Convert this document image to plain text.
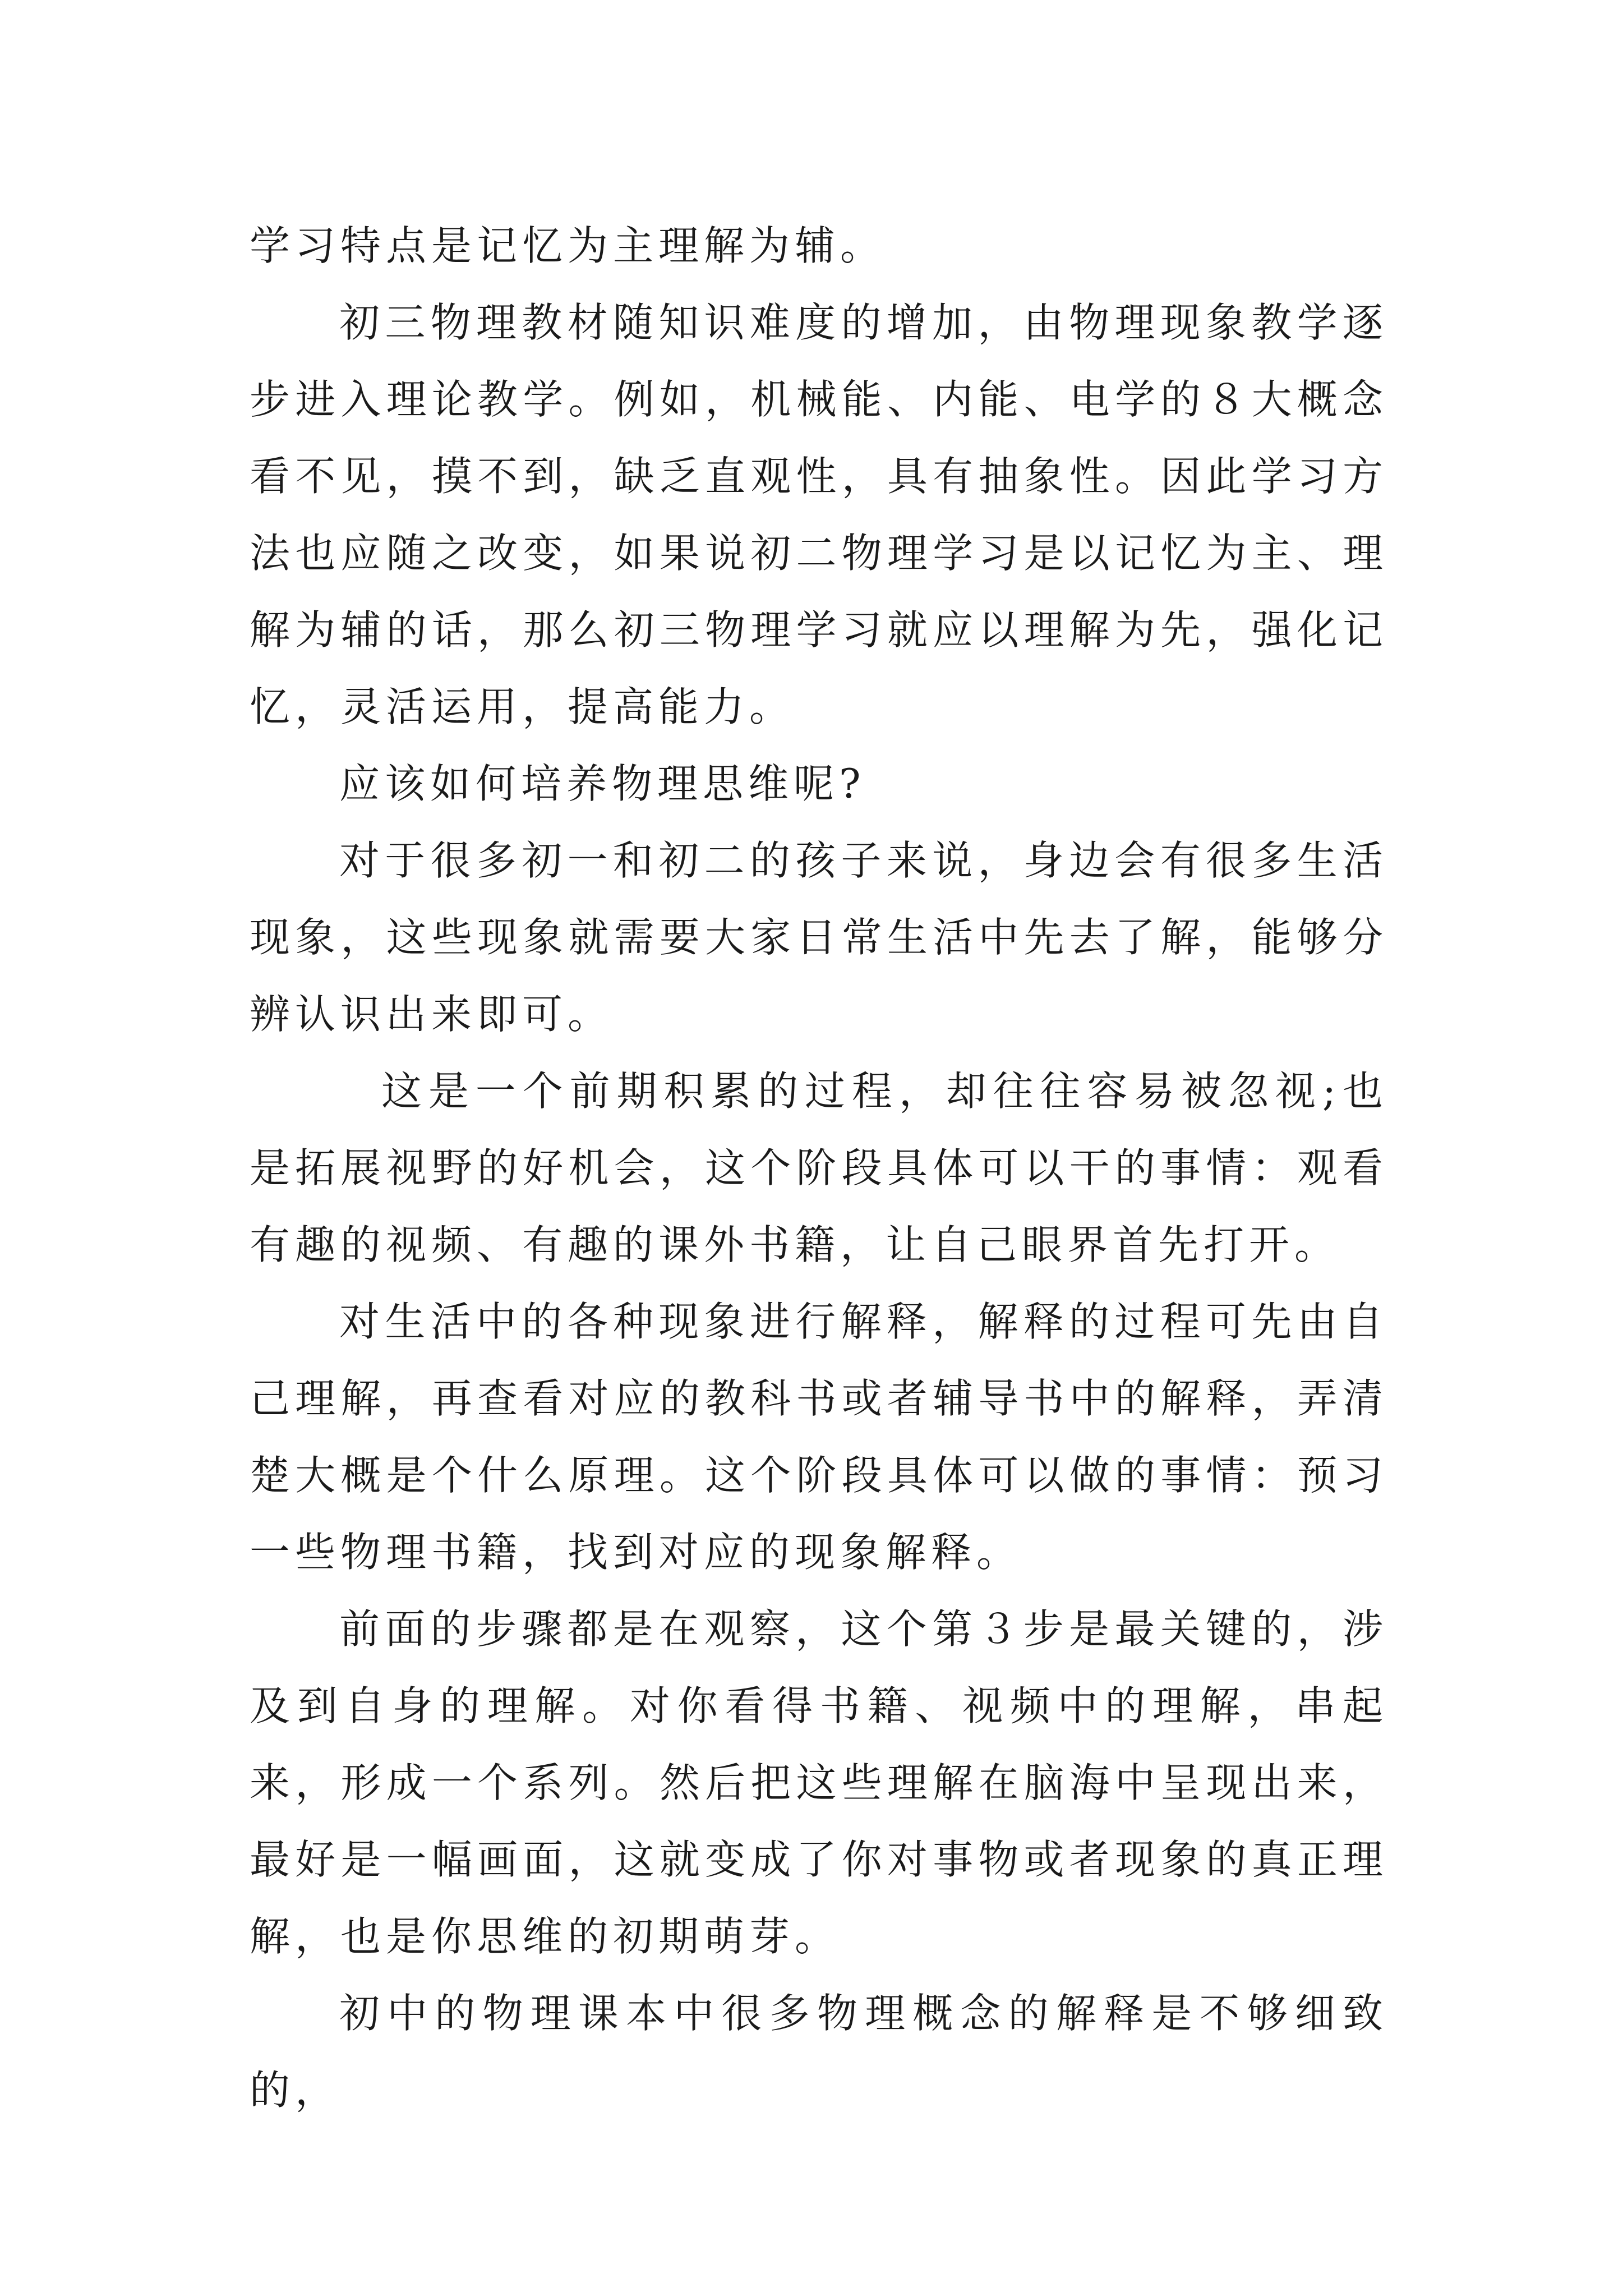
学习特点是记忆为主理解为辅。

初三物理教材随知识难度的增加，由物理现象教学逐步进入理论教学。例如，机械能、内能、电学的８大概念看不见，摸不到，缺乏直观性，具有抽象性。因此学习方法也应随之改变，如果说初二物理学习是以记忆为主、理解为辅的话，那么初三物理学习就应以理解为先，强化记忆，灵活运用，提高能力。

应该如何培养物理思维呢?

对于很多初一和初二的孩子来说，身边会有很多生活现象，这些现象就需要大家日常生活中先去了解，能够分辨认识出来即可。

这是一个前期积累的过程，却往往容易被忽视;也是拓展视野的好机会，这个阶段具体可以干的事情：观看有趣的视频、有趣的课外书籍，让自己眼界首先打开。

对生活中的各种现象进行解释，解释的过程可先由自己理解，再查看对应的教科书或者辅导书中的解释，弄清楚大概是个什么原理。这个阶段具体可以做的事情：预习一些物理书籍，找到对应的现象解释。

前面的步骤都是在观察，这个第３步是最关键的，涉及到自身的理解。对你看得书籍、视频中的理解，串起来，形成一个系列。然后把这些理解在脑海中呈现出来，最好是一幅画面，这就变成了你对事物或者现象的真正理解，也是你思维的初期萌芽。

初中的物理课本中很多物理概念的解释是不够细致的，
